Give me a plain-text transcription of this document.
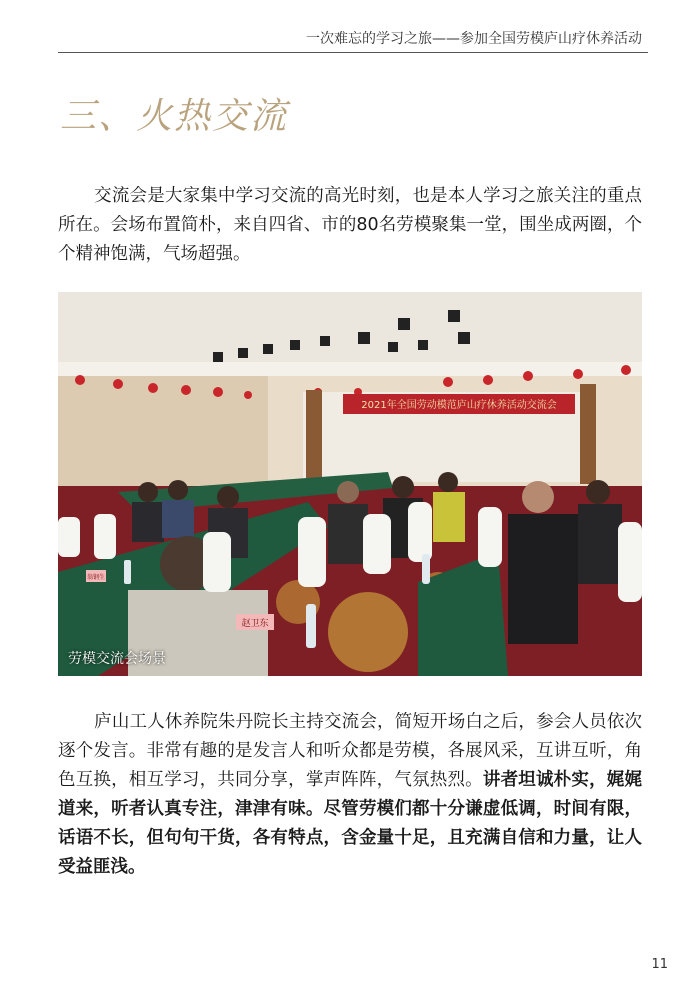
一次难忘的学习之旅——参加全国劳模庐山疗休养活动
三、火热交流

交流会是大家集中学习交流的高光时刻，也是本人学习之旅关注的重点所在。会场布置简朴，来自四省、市的80名劳模聚集一堂，围坐成两圈，个个精神饱满，气场超强。

2021年全国劳动模范庐山疗休养活动交流会
翁钢生
赵卫东
劳模交流会场景

庐山工人休养院朱丹院长主持交流会，简短开场白之后，参会人员依次逐个发言。非常有趣的是发言人和听众都是劳模，各展风采，互讲互听，角色互换，相互学习，共同分享，掌声阵阵，气氛热烈。讲者坦诚朴实，娓娓道来，听者认真专注，津津有味。尽管劳模们都十分谦虚低调，时间有限，话语不长，但句句干货，各有特点，含金量十足，且充满自信和力量，让人受益匪浅。

11
